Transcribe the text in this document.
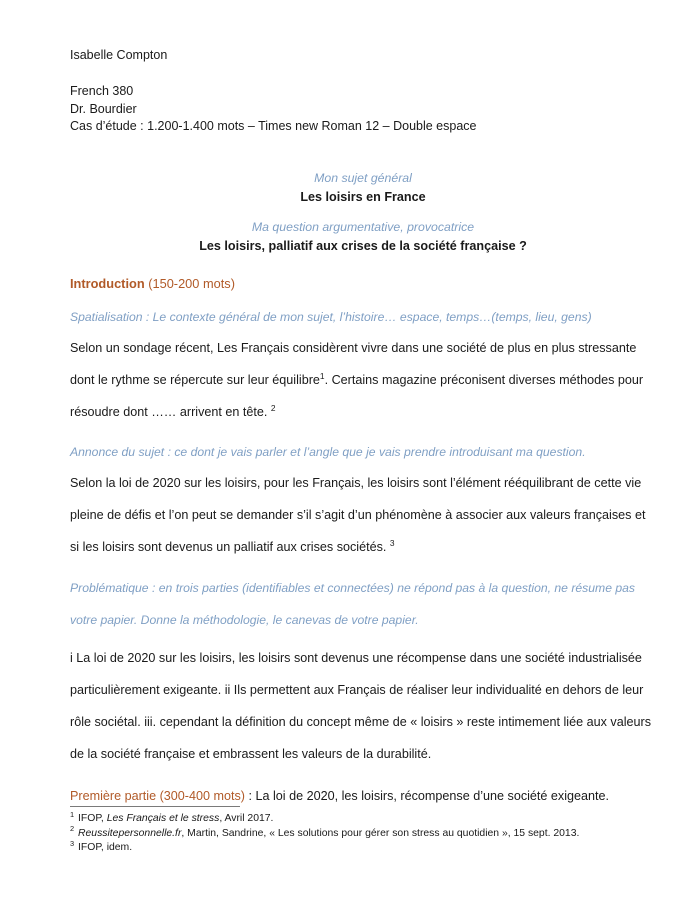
Isabelle Compton

French 380

Dr. Bourdier

Cas d’étude : 1.200-1.400 mots – Times new Roman 12 – Double espace

Mon sujet général

Les loisirs en France

Ma question argumentative, provocatrice

Les loisirs, palliatif aux crises de la société française ?

Introduction (150-200 mots)

Spatialisation : Le contexte général de mon sujet, l’histoire… espace, temps…(temps, lieu, gens)

Selon un sondage récent, Les Français considèrent vivre dans une société de plus en plus stressante dont le rythme se répercute sur leur équilibre$^1$. Certains magazine préconisent diverses méthodes pour résoudre dont …… arrivent en tête. $^2$

Annonce du sujet : ce dont je vais parler et l’angle que je vais prendre introduisant ma question.

Selon la loi de 2020 sur les loisirs, pour les Français, les loisirs sont l’élément rééquilibrant de cette vie pleine de défis et l’on peut se demander s’il s’agit d’un phénomène à associer aux valeurs françaises et si les loisirs sont devenus un palliatif aux crises sociétés. $^3$

Problématique : en trois parties (identifiables et connectées) ne répond pas à la question, ne résume pas votre papier. Donne la méthodologie, le canevas de votre papier.

i La loi de 2020 sur les loisirs, les loisirs sont devenus une récompense dans une société industrialisée particulièrement exigeante. ii Ils permettent aux Français de réaliser leur individualité en dehors de leur rôle sociétal. iii. cependant la définition du concept même de « loisirs » reste intimement liée aux valeurs de la société française et embrassent les valeurs de la durabilité.

Première partie (300-400 mots) : La loi de 2020, les loisirs, récompense d’une société exigeante.

$^1$ IFOP, Les Français et le stress, Avril 2017.

$^2$ Reussitepersonnelle.fr, Martin, Sandrine, « Les solutions pour gérer son stress au quotidien », 15 sept. 2013.

$^3$ IFOP, idem.
